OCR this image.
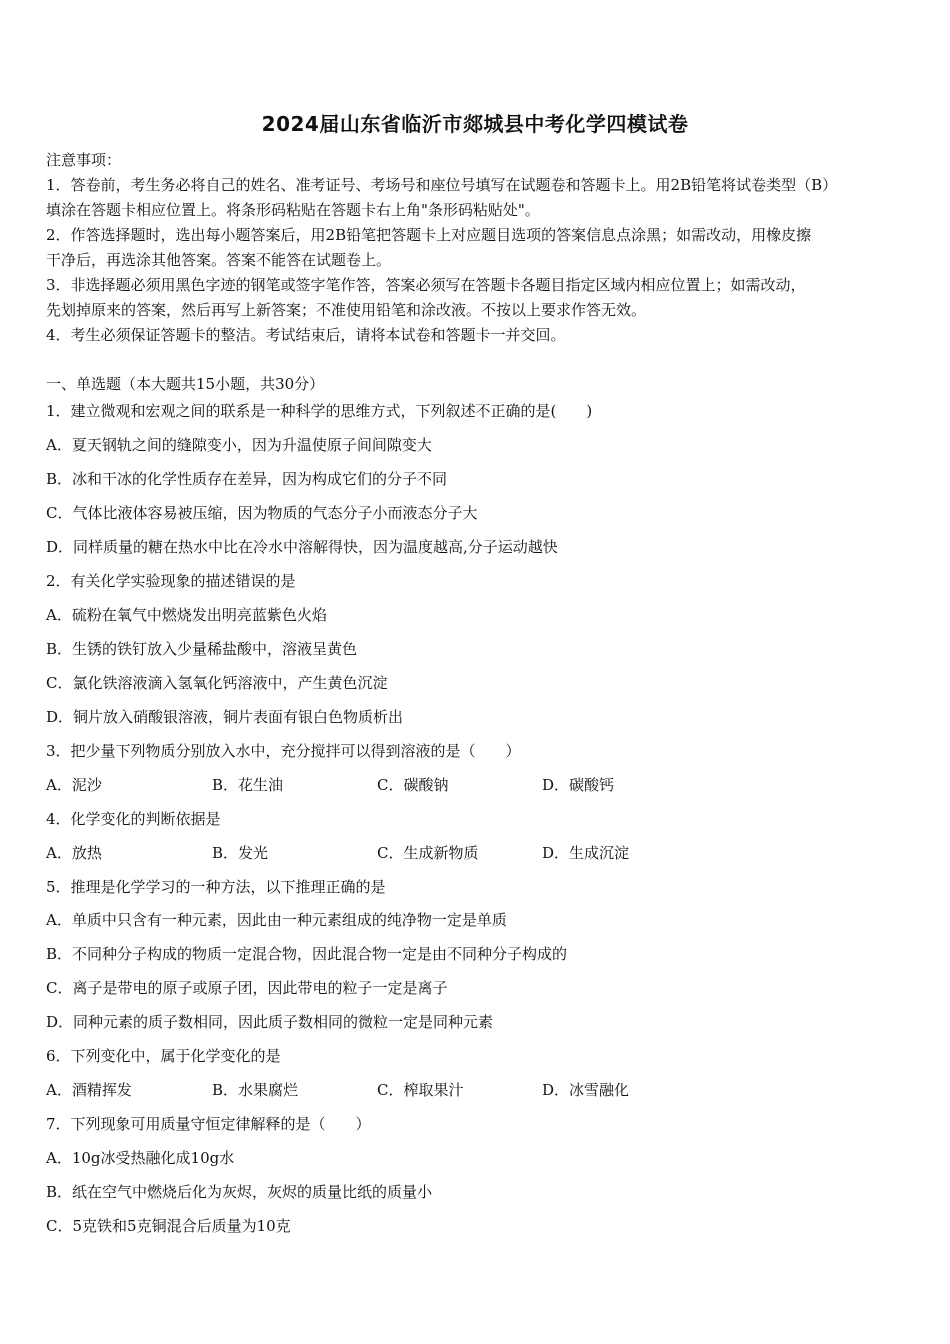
2024届山东省临沂市郯城县中考化学四模试卷
注意事项：
1．答卷前，考生务必将自己的姓名、准考证号、考场号和座位号填写在试题卷和答题卡上。用2B铅笔将试卷类型（B）
填涂在答题卡相应位置上。将条形码粘贴在答题卡右上角"条形码粘贴处"。
2．作答选择题时，选出每小题答案后，用2B铅笔把答题卡上对应题目选项的答案信息点涂黑；如需改动，用橡皮擦
干净后，再选涂其他答案。答案不能答在试题卷上。
3．非选择题必须用黑色字迹的钢笔或签字笔作答，答案必须写在答题卡各题目指定区域内相应位置上；如需改动，
先划掉原来的答案，然后再写上新答案；不准使用铅笔和涂改液。不按以上要求作答无效。
4．考生必须保证答题卡的整洁。考试结束后，请将本试卷和答题卡一并交回。
一、单选题（本大题共15小题，共30分）
1．建立微观和宏观之间的联系是一种科学的思维方式，下列叙述不正确的是(　　)
A．夏天钢轨之间的缝隙变小，因为升温使原子间间隙变大
B．冰和干冰的化学性质存在差异，因为构成它们的分子不同
C．气体比液体容易被压缩，因为物质的气态分子小而液态分子大
D．同样质量的糖在热水中比在冷水中溶解得快，因为温度越高,分子运动越快
2．有关化学实验现象的描述错误的是
A．硫粉在氧气中燃烧发出明亮蓝紫色火焰
B．生锈的铁钉放入少量稀盐酸中，溶液呈黄色
C．氯化铁溶液滴入氢氧化钙溶液中，产生黄色沉淀
D．铜片放入硝酸银溶液，铜片表面有银白色物质析出
3．把少量下列物质分别放入水中，充分搅拌可以得到溶液的是（　　）
A．泥沙	B．花生油	C．碳酸钠	D．碳酸钙
4．化学变化的判断依据是
A．放热	B．发光	C．生成新物质	D．生成沉淀
5．推理是化学学习的一种方法，以下推理正确的是
A．单质中只含有一种元素，因此由一种元素组成的纯净物一定是单质
B．不同种分子构成的物质一定混合物，因此混合物一定是由不同种分子构成的
C．离子是带电的原子或原子团，因此带电的粒子一定是离子
D．同种元素的质子数相同，因此质子数相同的微粒一定是同种元素
6．下列变化中，属于化学变化的是
A．酒精挥发	B．水果腐烂	C．榨取果汁	D．冰雪融化
7．下列现象可用质量守恒定律解释的是（　　）
A．10g冰受热融化成10g水
B．纸在空气中燃烧后化为灰烬，灰烬的质量比纸的质量小
C．5克铁和5克铜混合后质量为10克
